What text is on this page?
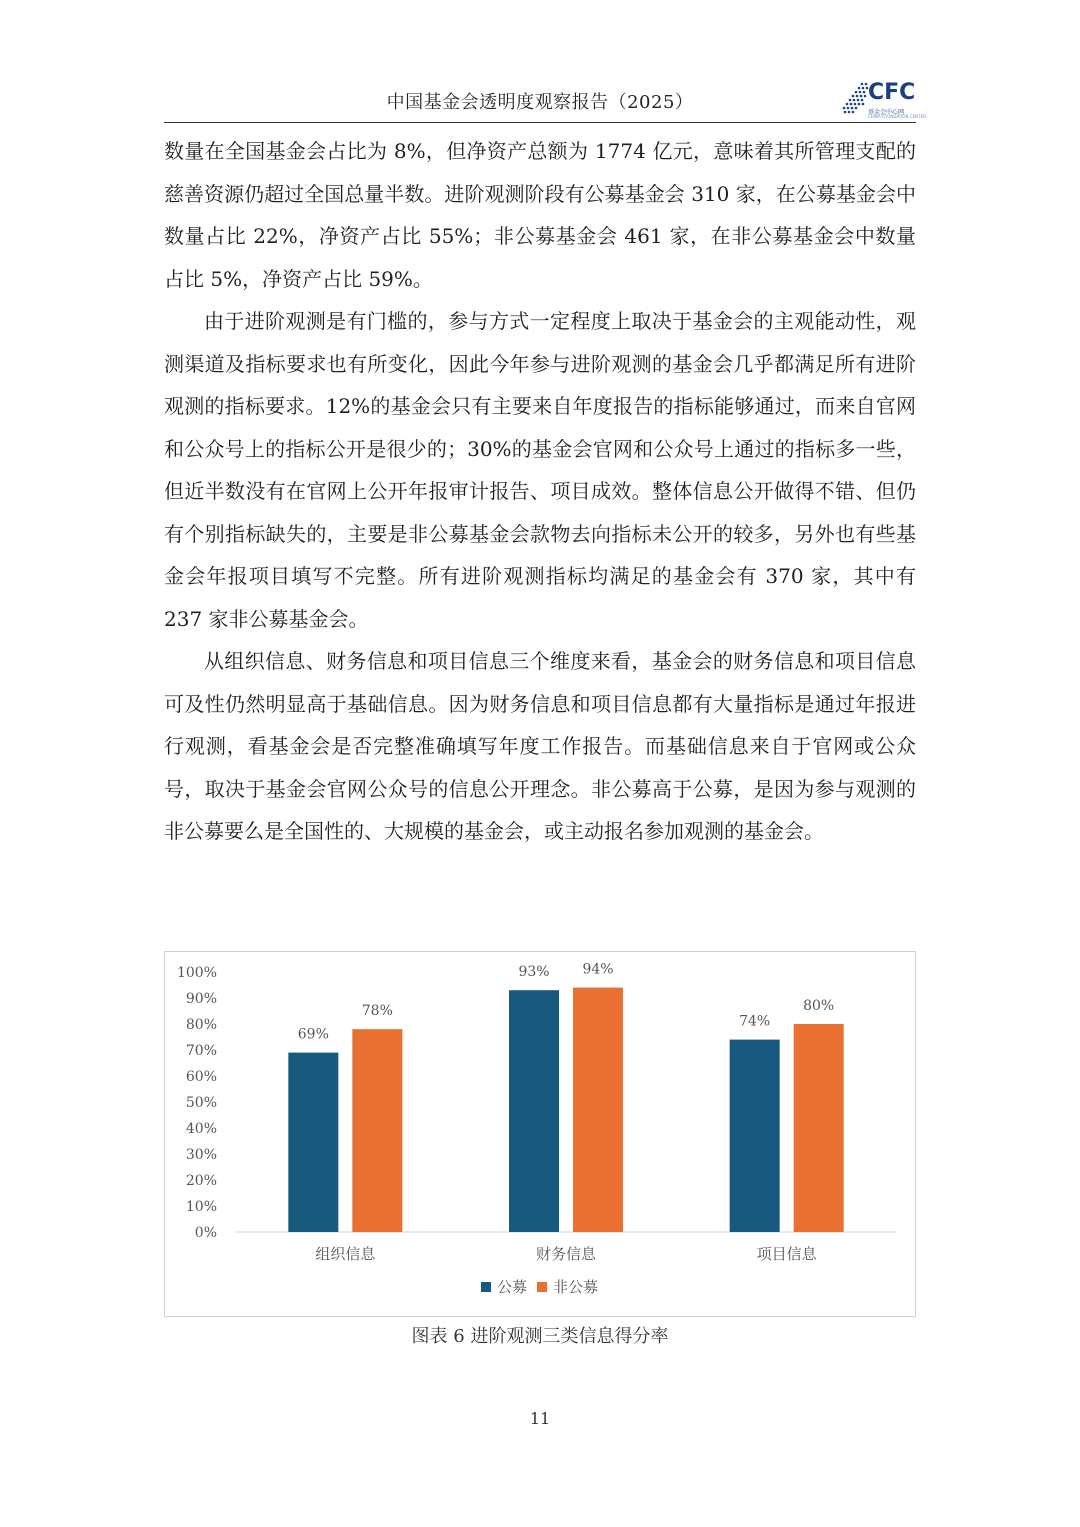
中国基金会透明度观察报告（2025）	CFC
基金会中心网
CHINA FOUNDATION CENTER

数量在全国基金会占比为 8%，但净资产总额为 1774 亿元，意味着其所管理支配的慈善资源仍超过全国总量半数。进阶观测阶段有公募基金会 310 家，在公募基金会中数量占比 22%，净资产占比 55%；非公募基金会 461 家，在非公募基金会中数量占比 5%，净资产占比 59%。

由于进阶观测是有门槛的，参与方式一定程度上取决于基金会的主观能动性，观测渠道及指标要求也有所变化，因此今年参与进阶观测的基金会几乎都满足所有进阶观测的指标要求。12%的基金会只有主要来自年度报告的指标能够通过，而来自官网和公众号上的指标公开是很少的；30%的基金会官网和公众号上通过的指标多一些，但近半数没有在官网上公开年报审计报告、项目成效。整体信息公开做得不错、但仍有个别指标缺失的，主要是非公募基金会款物去向指标未公开的较多，另外也有些基金会年报项目填写不完整。所有进阶观测指标均满足的基金会有 370 家，其中有 237 家非公募基金会。

从组织信息、财务信息和项目信息三个维度来看，基金会的财务信息和项目信息可及性仍然明显高于基础信息。因为财务信息和项目信息都有大量指标是通过年报进行观测，看基金会是否完整准确填写年度工作报告。而基础信息来自于官网或公众号，取决于基金会官网公众号的信息公开理念。非公募高于公募，是因为参与观测的非公募要么是全国性的、大规模的基金会，或主动报名参加观测的基金会。

0%
10%
20%
30%
40%
50%
60%
70%
80%
90%
100%
69%
78%
组织信息
93% 94%
财务信息
74%
80%
项目信息
公募 非公募
图表 6 进阶观测三类信息得分率
11
